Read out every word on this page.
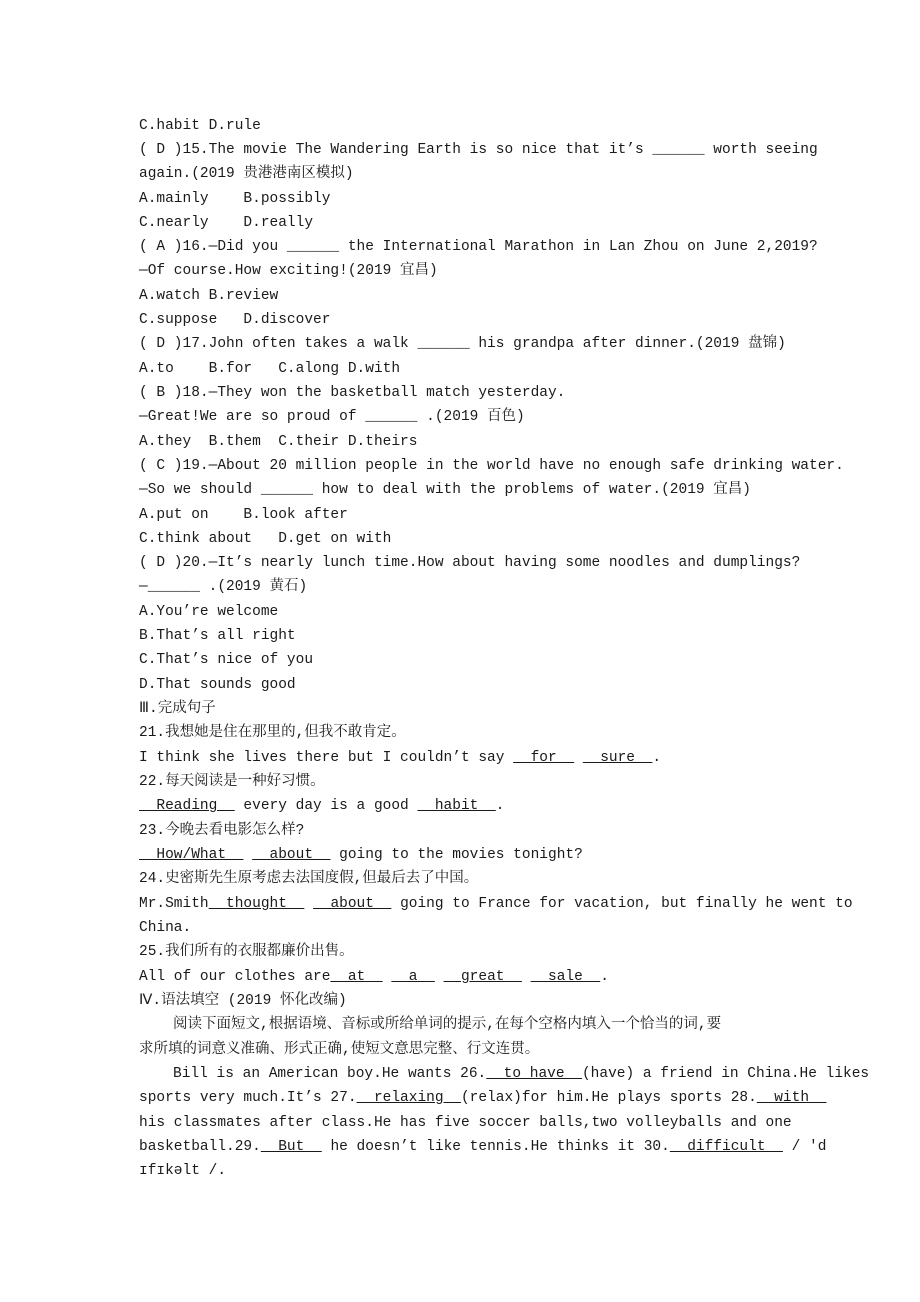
C.habit D.rule
( D )15.The movie The Wandering Earth is so nice that it’s ______ worth seeing
again.(2019 贵港港南区模拟)
A.mainly    B.possibly
C.nearly    D.really
( A )16.—Did you ______ the International Marathon in Lan Zhou on June 2,2019?
—Of course.How exciting!(2019 宜昌)
A.watch B.review
C.suppose   D.discover
( D )17.John often takes a walk ______ his grandpa after dinner.(2019 盘锦)
A.to    B.for   C.along D.with
( B )18.—They won the basketball match yesterday.
—Great!We are so proud of ______ .(2019 百色)
A.they  B.them  C.their D.theirs
( C )19.—About 20 million people in the world have no enough safe drinking water.
—So we should ______ how to deal with the problems of water.(2019 宜昌)
A.put on    B.look after
C.think about   D.get on with
( D )20.—It’s nearly lunch time.How about having some noodles and dumplings?
—______ .(2019 黄石)
A.You’re welcome
B.That’s all right
C.That’s nice of you
D.That sounds good
Ⅲ.完成句子
21.我想她是住在那里的,但我不敢肯定。
I think she lives there but I couldn’t say   for     sure  .
22.每天阅读是一种好习惯。
Reading   every day is a good   habit  .
23.今晚去看电影怎么样?
How/What     about   going to the movies tonight?
24.史密斯先生原考虑去法国度假,但最后去了中国。
Mr.Smith  thought     about   going to France for vacation, but finally he went to
China.
25.我们所有的衣服都廉价出售。
All of our clothes are  at     a     great     sale  .
Ⅳ.语法填空 (2019 怀化改编)
阅读下面短文,根据语境、音标或所给单词的提示,在每个空格内填入一个恰当的词,要
求所填的词意义准确、形式正确,使短文意思完整、行文连贯。
Bill is an American boy.He wants 26.  to have  (have) a friend in China.He likes
sports very much.It’s 27.  relaxing  (relax)for him.He plays sports 28.  with
his classmates after class.He has five soccer balls,two volleyballs and one
basketball.29.  But   he doesn’t like tennis.He thinks it 30.  difficult   / 'd
ɪfɪkəlt /.
